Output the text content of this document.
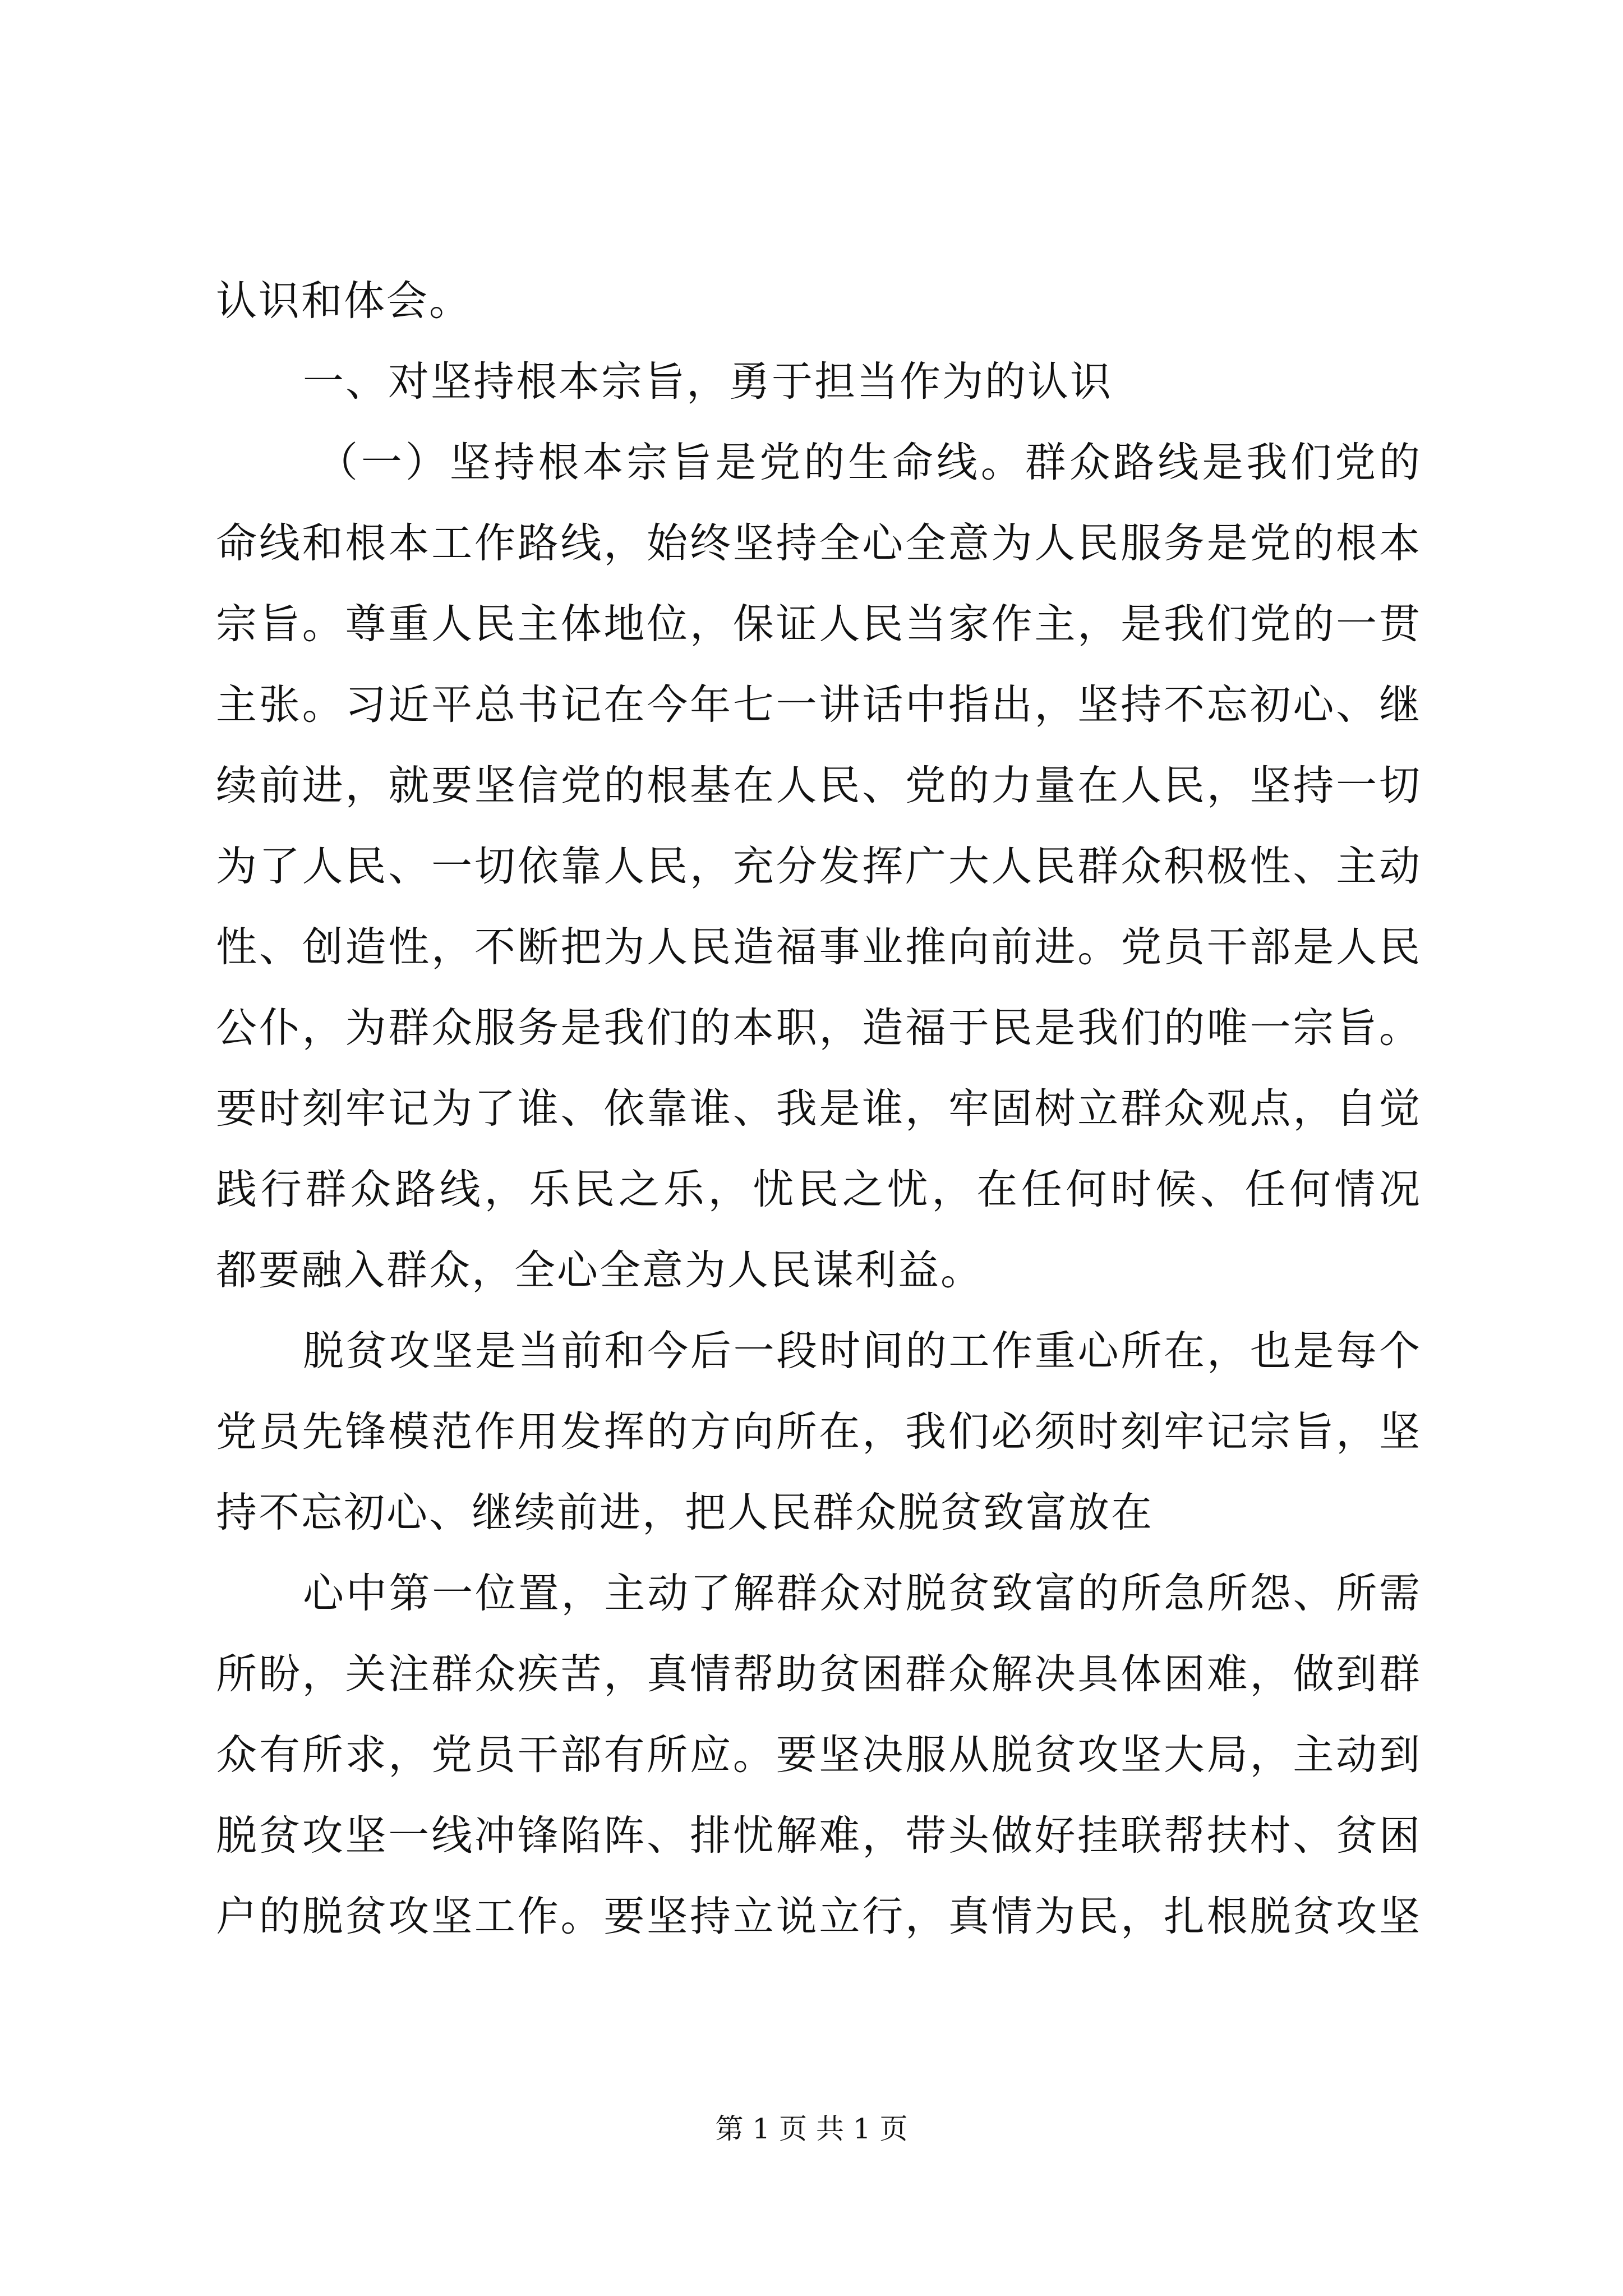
认识和体会。
一、对坚持根本宗旨，勇于担当作为的认识
（一）坚持根本宗旨是党的生命线。群众路线是我们党的
命线和根本工作路线，始终坚持全心全意为人民服务是党的根本
宗旨。尊重人民主体地位，保证人民当家作主，是我们党的一贯
主张。习近平总书记在今年七一讲话中指出，坚持不忘初心、继
续前进，就要坚信党的根基在人民、党的力量在人民，坚持一切
为了人民、一切依靠人民，充分发挥广大人民群众积极性、主动
性、创造性，不断把为人民造福事业推向前进。党员干部是人民
公仆，为群众服务是我们的本职，造福于民是我们的唯一宗旨。
要时刻牢记为了谁、依靠谁、我是谁，牢固树立群众观点，自觉
践行群众路线，乐民之乐，忧民之忧，在任何时候、任何情况
都要融入群众，全心全意为人民谋利益。
脱贫攻坚是当前和今后一段时间的工作重心所在，也是每个
党员先锋模范作用发挥的方向所在，我们必须时刻牢记宗旨，坚
持不忘初心、继续前进，把人民群众脱贫致富放在
心中第一位置，主动了解群众对脱贫致富的所急所怨、所需
所盼，关注群众疾苦，真情帮助贫困群众解决具体困难，做到群
众有所求，党员干部有所应。要坚决服从脱贫攻坚大局，主动到
脱贫攻坚一线冲锋陷阵、排忧解难，带头做好挂联帮扶村、贫困
户的脱贫攻坚工作。要坚持立说立行，真情为民，扎根脱贫攻坚
第 1 页 共 1 页
